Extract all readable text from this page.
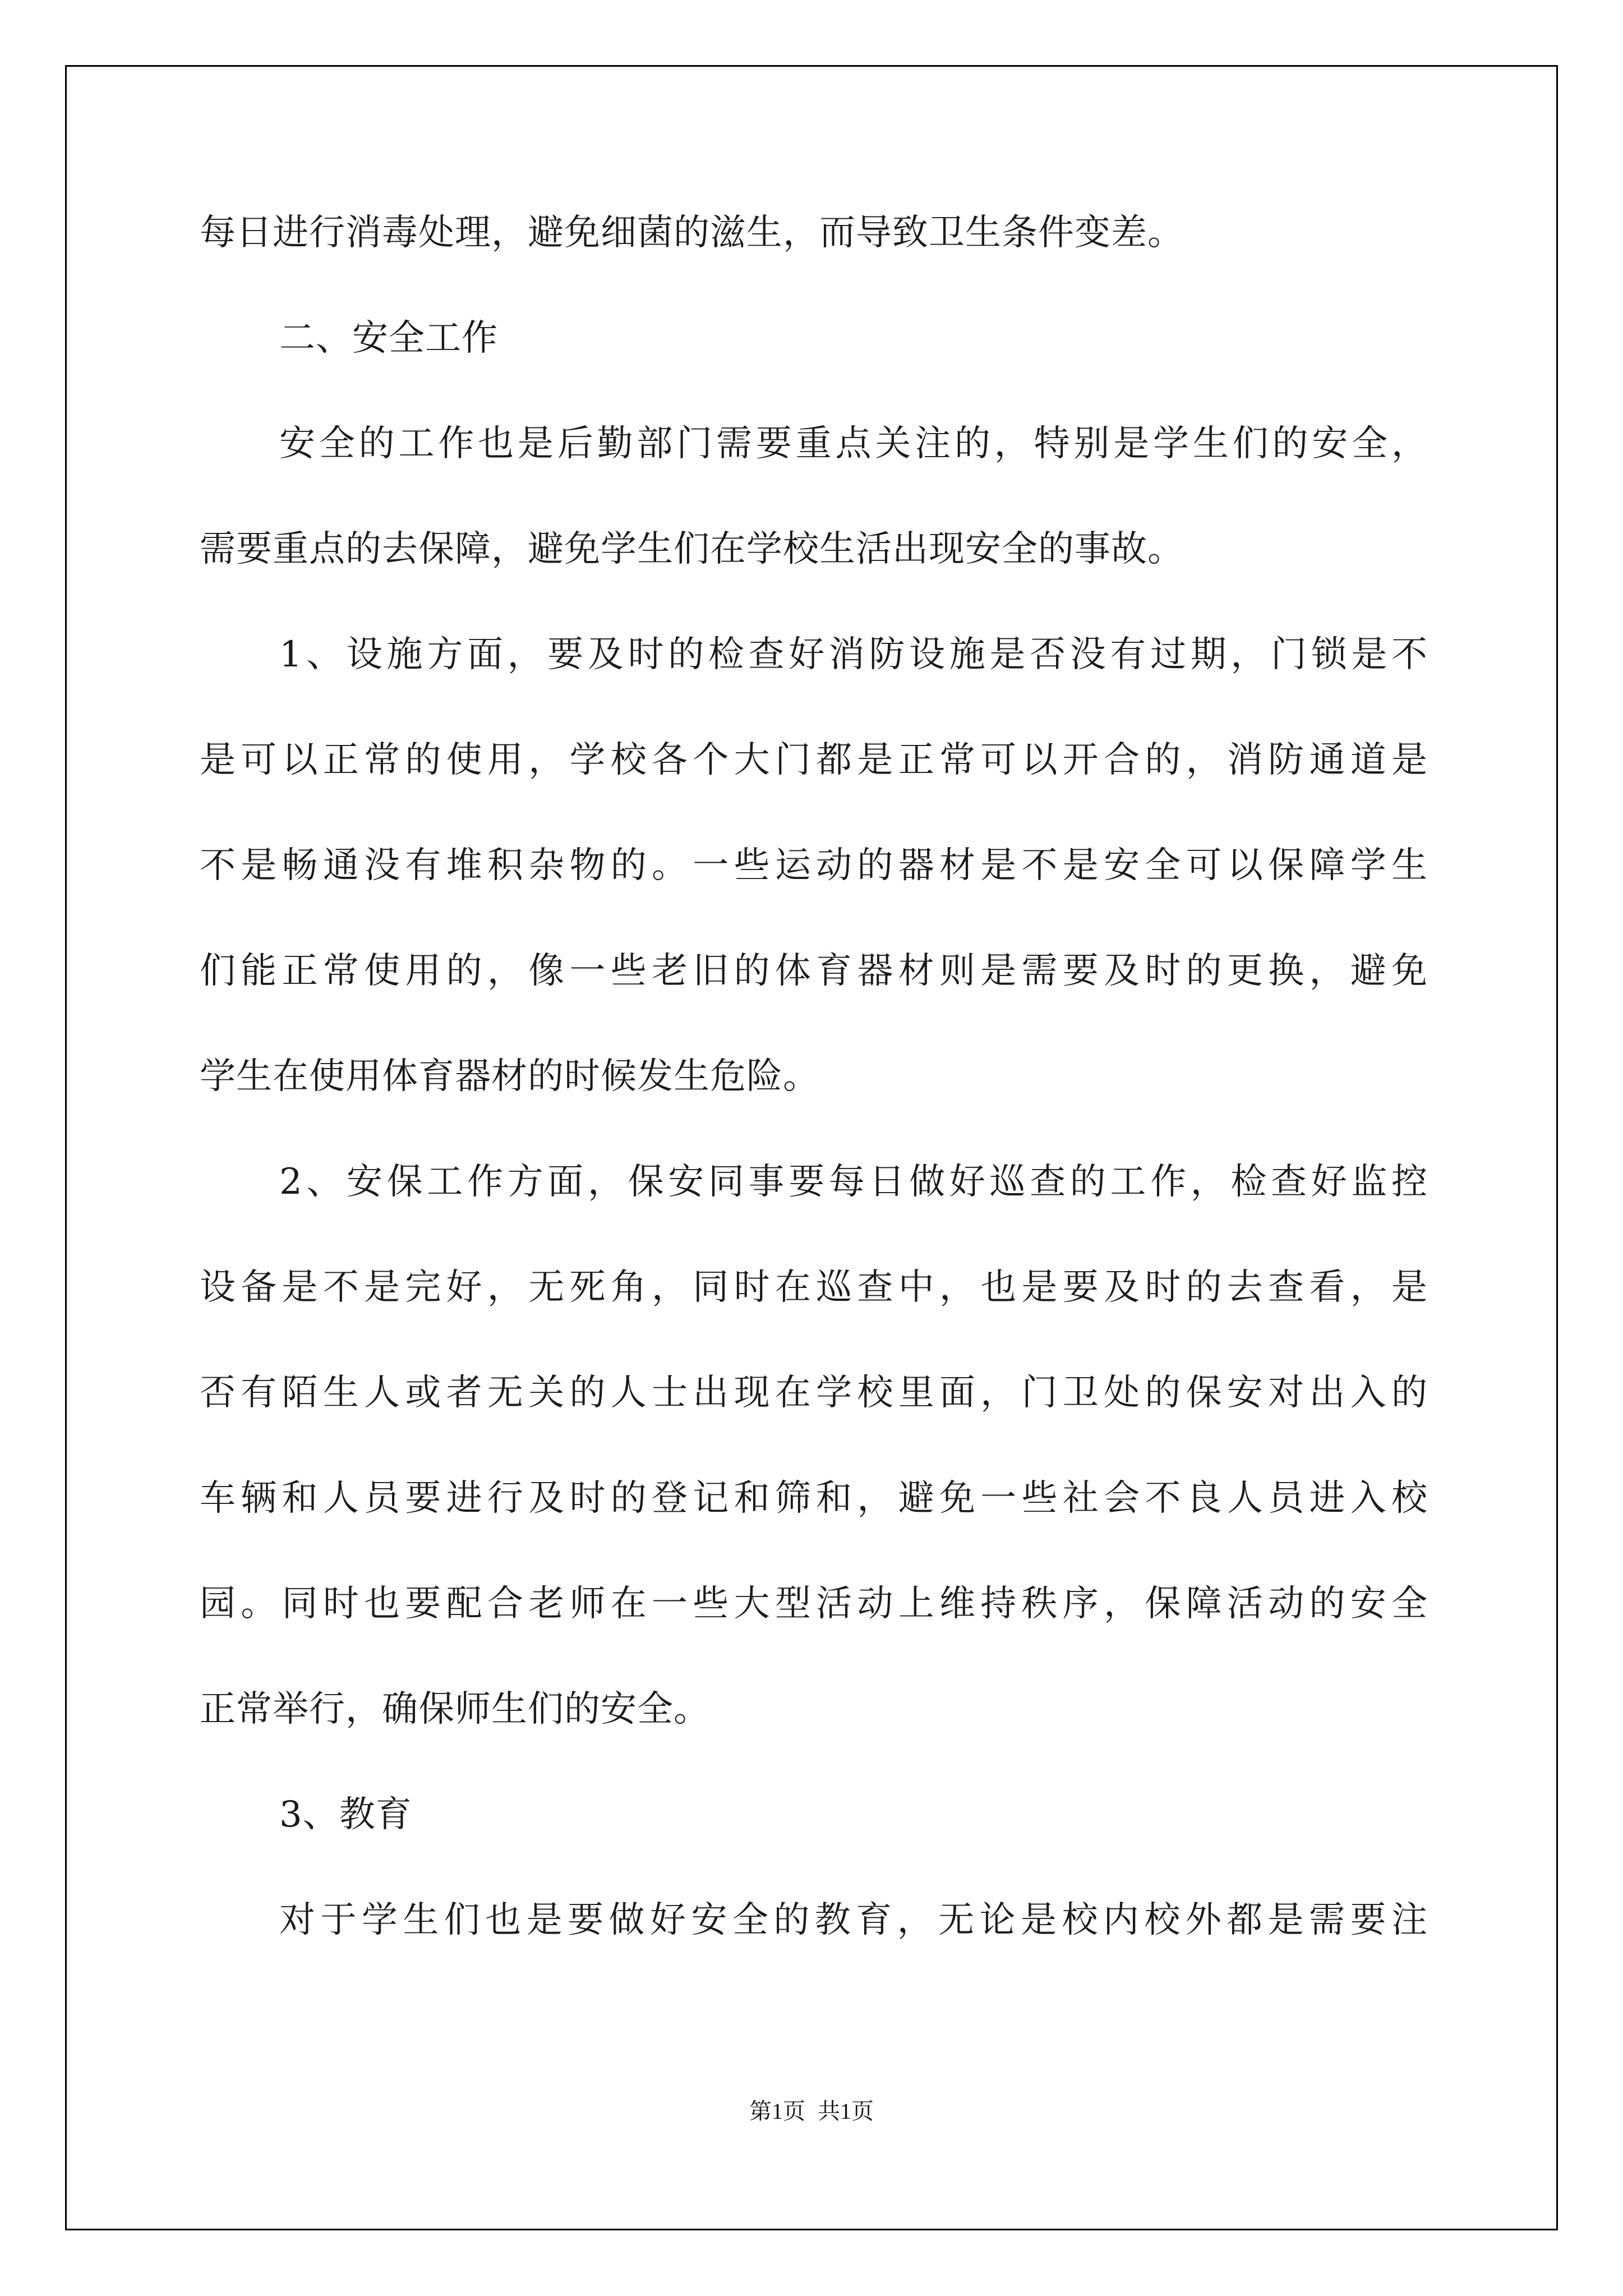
每日进行消毒处理，避免细菌的滋生，而导致卫生条件变差。

二、安全工作

安全的工作也是后勤部门需要重点关注的，特别是学生们的安全，

需要重点的去保障，避免学生们在学校生活出现安全的事故。

1、设施方面，要及时的检查好消防设施是否没有过期，门锁是不

是可以正常的使用，学校各个大门都是正常可以开合的，消防通道是

不是畅通没有堆积杂物的。一些运动的器材是不是安全可以保障学生

们能正常使用的，像一些老旧的体育器材则是需要及时的更换，避免

学生在使用体育器材的时候发生危险。

2、安保工作方面，保安同事要每日做好巡查的工作，检查好监控

设备是不是完好，无死角，同时在巡查中，也是要及时的去查看，是

否有陌生人或者无关的人士出现在学校里面，门卫处的保安对出入的

车辆和人员要进行及时的登记和筛和，避免一些社会不良人员进入校

园。同时也要配合老师在一些大型活动上维持秩序，保障活动的安全

正常举行，确保师生们的安全。

3、教育

对于学生们也是要做好安全的教育，无论是校内校外都是需要注

第1页 共1页
